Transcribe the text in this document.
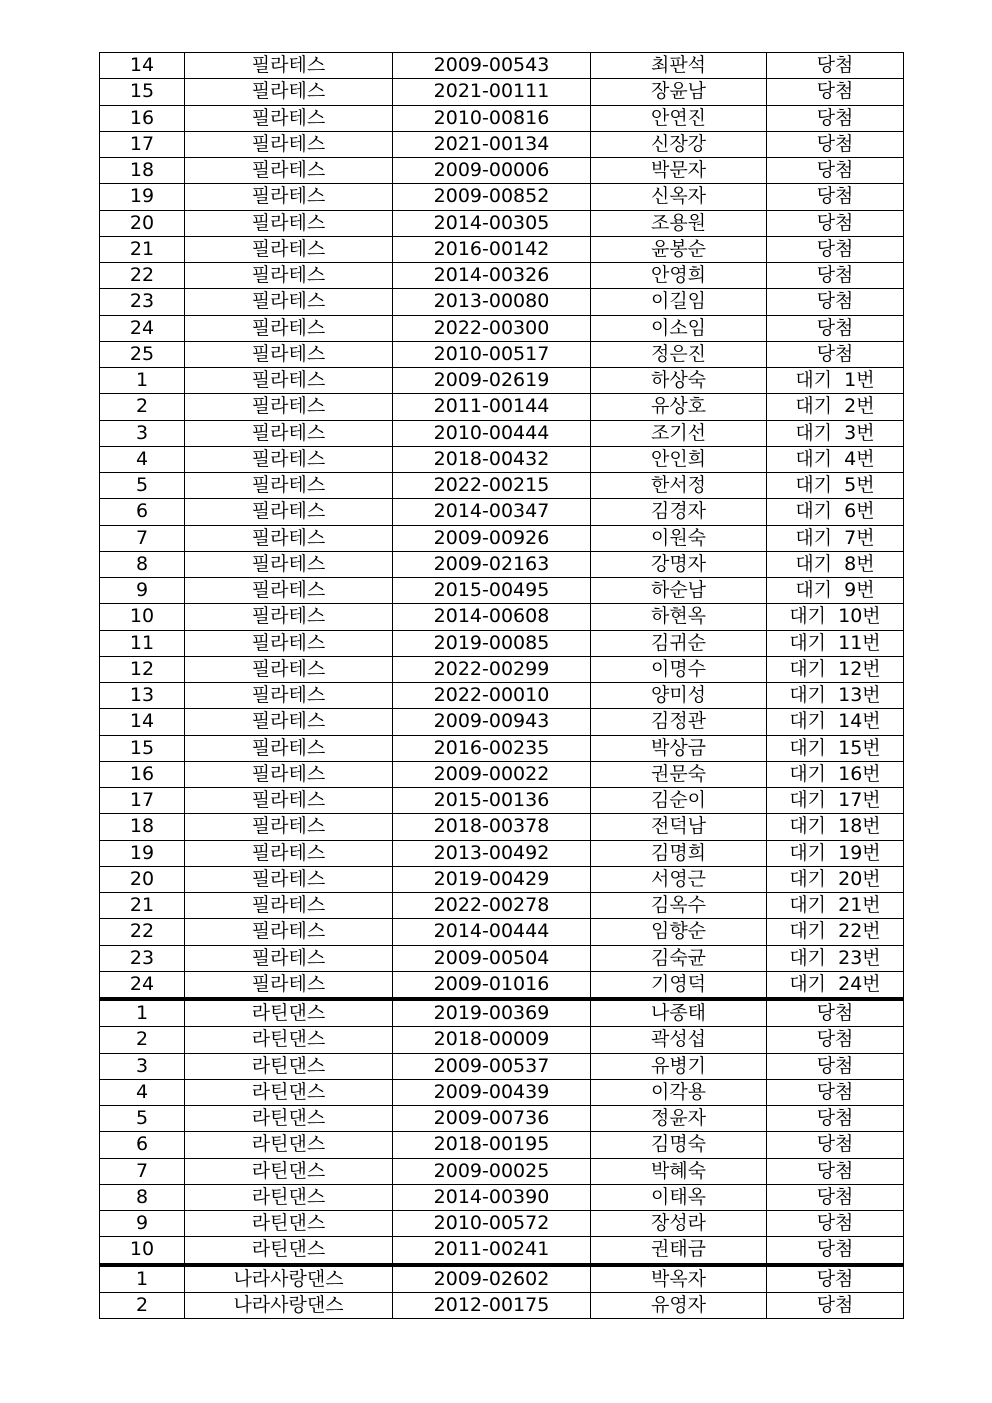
14	필라테스	2009-00543	최판석	당첨
15	필라테스	2021-00111	장윤남	당첨
16	필라테스	2010-00816	안연진	당첨
17	필라테스	2021-00134	신장강	당첨
18	필라테스	2009-00006	박문자	당첨
19	필라테스	2009-00852	신옥자	당첨
20	필라테스	2014-00305	조용원	당첨
21	필라테스	2016-00142	윤봉순	당첨
22	필라테스	2014-00326	안영희	당첨
23	필라테스	2013-00080	이길임	당첨
24	필라테스	2022-00300	이소임	당첨
25	필라테스	2010-00517	정은진	당첨
1	필라테스	2009-02619	하상숙	대기  1번
2	필라테스	2011-00144	유상호	대기  2번
3	필라테스	2010-00444	조기선	대기  3번
4	필라테스	2018-00432	안인희	대기  4번
5	필라테스	2022-00215	한서정	대기  5번
6	필라테스	2014-00347	김경자	대기  6번
7	필라테스	2009-00926	이원숙	대기  7번
8	필라테스	2009-02163	강명자	대기  8번
9	필라테스	2015-00495	하순남	대기  9번
10	필라테스	2014-00608	하현옥	대기  10번
11	필라테스	2019-00085	김귀순	대기  11번
12	필라테스	2022-00299	이명수	대기  12번
13	필라테스	2022-00010	양미성	대기  13번
14	필라테스	2009-00943	김정관	대기  14번
15	필라테스	2016-00235	박상금	대기  15번
16	필라테스	2009-00022	권문숙	대기  16번
17	필라테스	2015-00136	김순이	대기  17번
18	필라테스	2018-00378	전덕남	대기  18번
19	필라테스	2013-00492	김명희	대기  19번
20	필라테스	2019-00429	서영근	대기  20번
21	필라테스	2022-00278	김옥수	대기  21번
22	필라테스	2014-00444	임향순	대기  22번
23	필라테스	2009-00504	김숙균	대기  23번
24	필라테스	2009-01016	기영덕	대기  24번
1	라틴댄스	2019-00369	나종태	당첨
2	라틴댄스	2018-00009	곽성섭	당첨
3	라틴댄스	2009-00537	유병기	당첨
4	라틴댄스	2009-00439	이각용	당첨
5	라틴댄스	2009-00736	정윤자	당첨
6	라틴댄스	2018-00195	김명숙	당첨
7	라틴댄스	2009-00025	박혜숙	당첨
8	라틴댄스	2014-00390	이태옥	당첨
9	라틴댄스	2010-00572	장성라	당첨
10	라틴댄스	2011-00241	권태금	당첨
1	나라사랑댄스	2009-02602	박옥자	당첨
2	나라사랑댄스	2012-00175	유영자	당첨
